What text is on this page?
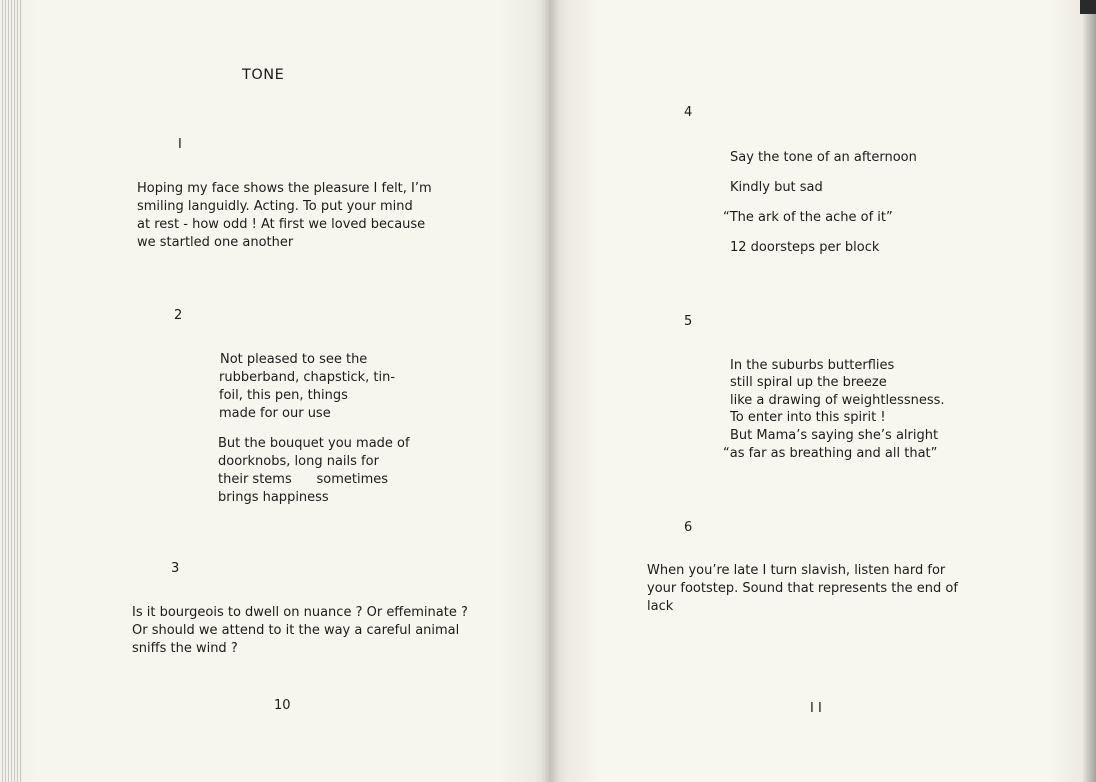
TONE
I
Hoping my face shows the pleasure I felt, I’m
smiling languidly. Acting. To put your mind
at rest - how odd ! At first we loved because
we startled one another
2
Not pleased to see the
rubberband, chapstick, tin-
foil, this pen, things
made for our use
But the bouquet you made of
doorknobs, long nails for
their stems      sometimes
brings happiness
3
Is it bourgeois to dwell on nuance ? Or effeminate ?
Or should we attend to it the way a careful animal
sniffs the wind ?
10
4
Say the tone of an afternoon
Kindly but sad
“The ark of the ache of it”
12 doorsteps per block
5
In the suburbs butterflies
still spiral up the breeze
like a drawing of weightlessness.
To enter into this spirit !
But Mama’s saying she’s alright
“as far as breathing and all that”
6
When you’re late I turn slavish, listen hard for
your footstep. Sound that represents the end of
lack
I I
